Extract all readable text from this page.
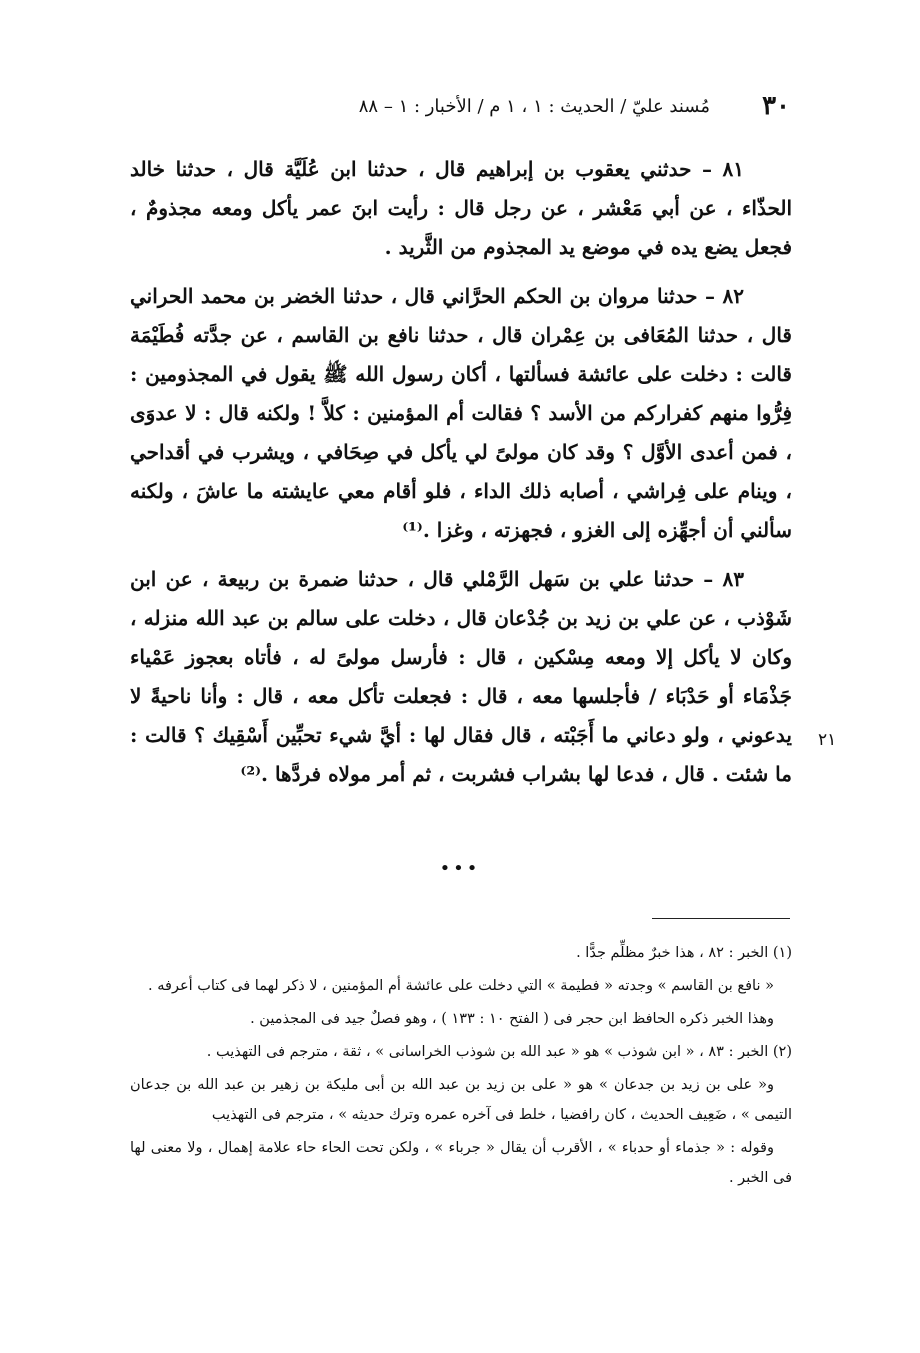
٣٠
مُسند عليّ / الحديث : ١ ، ١ م / الأخبار : ١ – ٨٨

٨١ – حدثني يعقوب بن إبراهيم قال ، حدثنا ابن عُلَيَّة قال ، حدثنا خالد الحذّاء ، عن أبي مَعْشر ، عن رجل قال : رأيت ابنَ عمر يأكل ومعه مجذومٌ ، فجعل يضع يده في موضع يد المجذوم من الثَّريد .

٨٢ – حدثنا مروان بن الحكم الحرَّاني قال ، حدثنا الخضر بن محمد الحراني قال ، حدثنا المُعَافى بن عِمْران قال ، حدثنا نافع بن القاسم ، عن جدَّته فُطَيْمَة قالت : دخلت على عائشة فسألتها ، أكان رسول الله ﷺ يقول في المجذومين : فِرُّوا منهم كفراركم من الأسد ؟ فقالت أم المؤمنين : كلاَّ ! ولكنه قال : لا عدوَى ، فمن أعدى الأوَّل ؟ وقد كان مولىً لي يأكل في صِحَافي ، ويشرب في أقداحي ، وينام على فِراشي ، أصابه ذلك الداء ، فلو أقام معي عايشته ما عاشَ ، ولكنه سألني أن أجهِّزه إلى الغزو ، فجهزته ، وغزا .⁽¹⁾

٨٣ – حدثنا علي بن سَهل الرَّمْلي قال ، حدثنا ضمرة بن ربيعة ، عن ابن شَوْذب ، عن علي بن زيد بن جُدْعان قال ، دخلت على سالم بن عبد الله منزله ، وكان لا يأكل إلا ومعه مِسْكين ، قال : فأرسل مولىً له ، فأتاه بعجوز عَمْياء جَذْمَاء أو حَدْبَاء / فأجلسها معه ، قال : فجعلت تأكل معه ، قال : وأنا ناحيةً لا يدعوني ، ولو دعاني ما أَجَبْته ، قال فقال لها : أيَّ شيء تحبِّين أَسْقِيك ؟ قالت : ما شئت . قال ، فدعا لها بشراب فشربت ، ثم أمر مولاه فردَّها .⁽²⁾

٢١
•••

(١) الخبر : ٨٢ ، هذا خبرٌ مظلِّم جدًّا .

« نافع بن القاسم » وجدته « فطيمة » التي دخلت على عائشة أم المؤمنين ، لا ذكر لهما فى كتاب أعرفه .

وهذا الخبر ذكره الحافظ ابن حجر فى ( الفتح ١٠ : ١٣٣ ) ، وهو فصلٌ جيد فى المجذمين .

(٢) الخبر : ٨٣ ، « ابن شوذب » هو « عبد الله بن شوذب الخراسانى » ، ثقة ، مترجم فى التهذيب .

و« على بن زيد بن جدعان » هو « على بن زيد بن عبد الله بن أبى مليكة بن زهير بن عبد الله بن جدعان التيمى » ، ضَعِيف الحديث ، كان رافضيا ، خلط فى آخره عمره وترك حديثه » ، مترجم فى التهذيب

وقوله : « جذماء أو حدباء » ، الأقرب أن يقال « جرباء » ، ولكن تحت الحاء حاء علامة إهمال ، ولا معنى لها فى الخبر .
